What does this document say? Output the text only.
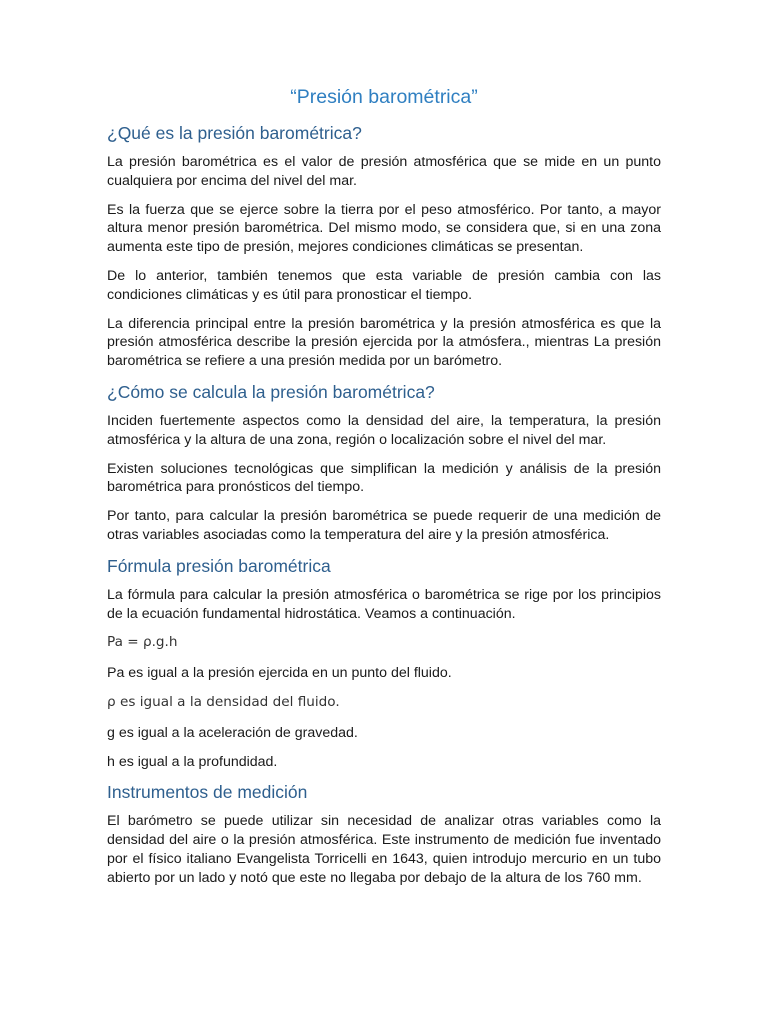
“Presión barométrica”
¿Qué es la presión barométrica?

La presión barométrica es el valor de presión atmosférica que se mide en un punto cualquiera por encima del nivel del mar.

Es la fuerza que se ejerce sobre la tierra por el peso atmosférico. Por tanto, a mayor altura menor presión barométrica. Del mismo modo, se considera que, si en una zona aumenta este tipo de presión, mejores condiciones climáticas se presentan.

De lo anterior, también tenemos que esta variable de presión cambia con las condiciones climáticas y es útil para pronosticar el tiempo.

La diferencia principal entre la presión barométrica y la presión atmosférica es que la presión atmosférica describe la presión ejercida por la atmósfera., mientras La presión barométrica se refiere a una presión medida por un barómetro.

¿Cómo se calcula la presión barométrica?

Inciden fuertemente aspectos como la densidad del aire, la temperatura, la presión atmosférica y la altura de una zona, región o localización sobre el nivel del mar.

Existen soluciones tecnológicas que simplifican la medición y análisis de la presión barométrica para pronósticos del tiempo.

Por tanto, para calcular la presión barométrica se puede requerir de una medición de otras variables asociadas como la temperatura del aire y la presión atmosférica.

Fórmula presión barométrica

La fórmula para calcular la presión atmosférica o barométrica se rige por los principios de la ecuación fundamental hidrostática. Veamos a continuación.

Pa = ρ.g.h

Pa es igual a la presión ejercida en un punto del fluido.

ρ es igual a la densidad del fluido.

g es igual a la aceleración de gravedad.

h es igual a la profundidad.

Instrumentos de medición

El barómetro se puede utilizar sin necesidad de analizar otras variables como la densidad del aire o la presión atmosférica. Este instrumento de medición fue inventado por el físico italiano Evangelista Torricelli en 1643, quien introdujo mercurio en un tubo abierto por un lado y notó que este no llegaba por debajo de la altura de los 760 mm.
